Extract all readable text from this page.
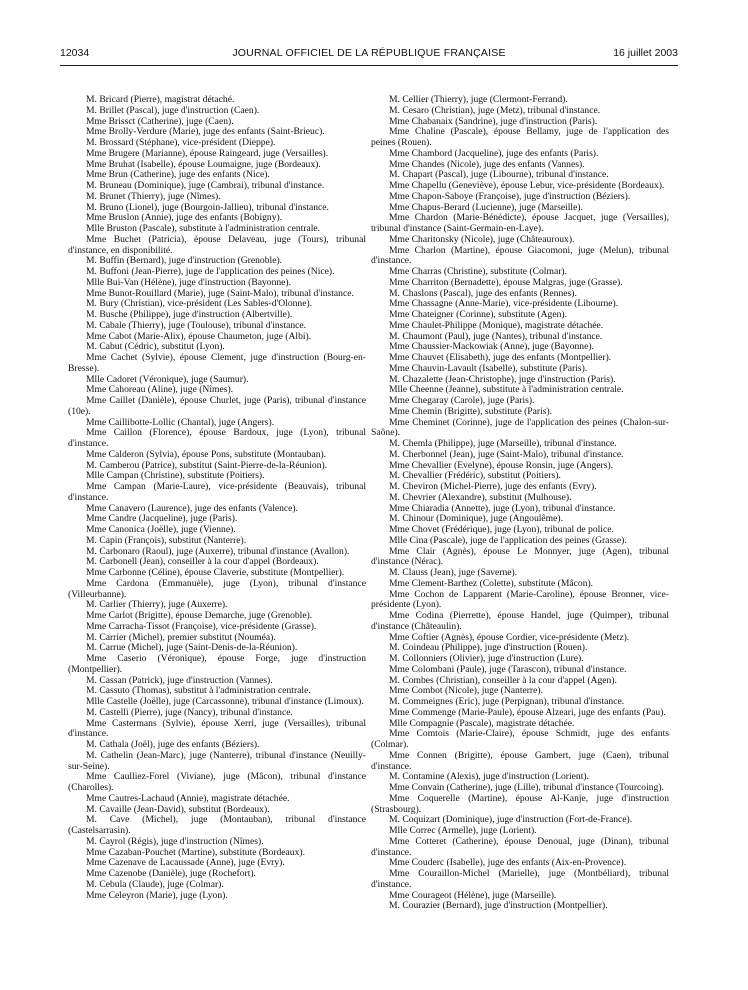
12034	JOURNAL OFFICIEL DE LA RÉPUBLIQUE FRANÇAISE	16 juillet 2003

M. Bricard (Pierre), magistrat détaché.

M. Brillet (Pascal), juge d'instruction (Caen).

Mme Brissct (Catherine), juge (Caen).

Mme Brolly-Verdure (Marie), juge des enfants (Saint-Brieuc).

M. Brossard (Stéphane), vice-président (Dieppe).

Mme Brugere (Marianne), épouse Raingeard, juge (Versailles).

Mme Bruhat (Isabelle), épouse Loumaigne, juge (Bordeaux).

Mme Brun (Catherine), juge des enfants (Nice).

M. Bruneau (Dominique), juge (Cambrai), tribunal d'instance.

M. Brunet (Thierry), juge (Nîmes).

M. Bruno (Lionel), juge (Bourgoin-Jallieu), tribunal d'instance.

Mme Bruslon (Annie), juge des enfants (Bobigny).

Mlle Bruston (Pascale), substitute à l'administration centrale.

Mme Buchet (Patricia), épouse Delaveau, juge (Tours), tribunal d'instance, en disponibilité.

M. Buffin (Bernard), juge d'instruction (Grenoble).

M. Buffoni (Jean-Pierre), juge de l'application des peines (Nice).

Mlle Bui-Van (Hélène), juge d'instruction (Bayonne).

Mme Bunot-Rouillard (Marie), juge (Saint-Malo), tribunal d'instance.

M. Bury (Christian), vice-président (Les Sables-d'Olonne).

M. Busche (Philippe), juge d'instruction (Albertville).

M. Cabale (Thierry), juge (Toulouse), tribunal d'instance.

Mme Cabot (Marie-Alix), épouse Chaumeton, juge (Albi).

M. Cabut (Cédric), substitut (Lyon).

Mme Cachet (Sylvie), épouse Clement, juge d'instruction (Bourg-en-Bresse).

Mlle Cadoret (Véronique), juge (Saumur).

Mme Cahoreau (Aline), juge (Nîmes).

Mme Caillet (Danièle), épouse Churlet, juge (Paris), tribunal d'instance (10e).

Mme Caillibotte-Lollic (Chantal), juge (Angers).

Mme Caillon (Florence), épouse Bardoux, juge (Lyon), tribunal d'instance.

Mme Calderon (Sylvia), épouse Pons, substitute (Montauban).

M. Camberou (Patrice), substitut (Saint-Pierre-de-la-Réunion).

Mlle Campan (Christine), substitute (Poitiers).

Mme Campan (Marie-Laure), vice-présidente (Beauvais), tribunal d'instance.

Mme Canavero (Laurence), juge des enfants (Valence).

Mme Candre (Jacqueline), juge (Paris).

Mme Canonica (Joëlle), juge (Vienne).

M. Capin (François), substitut (Nanterre).

M. Carbonaro (Raoul), juge (Auxerre), tribunal d'instance (Avallon).

M. Carbonell (Jean), conseiller à la cour d'appel (Bordeaux).

Mme Carbonne (Céline), épouse Claverie, substitute (Montpellier).

Mme Cardona (Emmanuèle), juge (Lyon), tribunal d'instance (Villeurbanne).

M. Carlier (Thierry), juge (Auxerre).

Mme Carlot (Brigitte), épouse Demarche, juge (Grenoble).

Mme Carracha-Tissot (Françoise), vice-présidente (Grasse).

M. Carrier (Michel), premier substitut (Nouméa).

M. Carrue (Michel), juge (Saint-Denis-de-la-Réunion).

Mme Caserio (Véronique), épouse Forge, juge d'instruction (Montpellier).

M. Cassan (Patrick), juge d'instruction (Vannes).

M. Cassuto (Thomas), substitut à l'administration centrale.

Mlle Castelle (Joëlle), juge (Carcassonne), tribunal d'instance (Limoux).

M. Castelli (Pierre), juge (Nancy), tribunal d'instance.

Mme Castermans (Sylvie), épouse Xerri, juge (Versailles), tribunal d'instance.

M. Cathala (Joël), juge des enfants (Béziers).

M. Cathelin (Jean-Marc), juge (Nanterre), tribunal d'instance (Neuilly-sur-Seine).

Mme Caulliez-Forel (Viviane), juge (Mâcon), tribunal d'instance (Charolles).

Mme Cautres-Lachaud (Annie), magistrate détachée.

M. Cavaille (Jean-David), substitut (Bordeaux).

M. Cave (Michel), juge (Montauban), tribunal d'instance (Castelsarrasin).

M. Cayrol (Régis), juge d'instruction (Nîmes).

Mme Cazaban-Pouchet (Martine), substitute (Bordeaux).

Mme Cazenave de Lacaussade (Anne), juge (Evry).

Mme Cazenobe (Danièle), juge (Rochefort).

M. Cebula (Claude), juge (Colmar).

Mme Celeyron (Marie), juge (Lyon).

M. Cellier (Thierry), juge (Clermont-Ferrand).

M. Cesaro (Christian), juge (Metz), tribunal d'instance.

Mme Chabanaix (Sandrine), juge d'instruction (Paris).

Mme Chaline (Pascale), épouse Bellamy, juge de l'application des peines (Rouen).

Mme Chambord (Jacqueline), juge des enfants (Paris).

Mme Chandes (Nicole), juge des enfants (Vannes).

M. Chapart (Pascal), juge (Libourne), tribunal d'instance.

Mme Chapellu (Geneviève), épouse Lebur, vice-présidente (Bordeaux).

Mme Chapon-Saboye (Françoise), juge d'instruction (Béziers).

Mme Chapus-Berard (Lucienne), juge (Marseille).

Mme Chardon (Marie-Bénédicte), épouse Jacquet, juge (Versailles), tribunal d'instance (Saint-Germain-en-Laye).

Mme Charitonsky (Nicole), juge (Châteauroux).

Mme Charlon (Martine), épouse Giacomoni, juge (Melun), tribunal d'instance.

Mme Charras (Christine), substitute (Colmar).

Mme Charriton (Bernadette), épouse Malgras, juge (Grasse).

M. Chaslons (Pascal), juge des enfants (Rennes).

Mme Chassagne (Anne-Marie), vice-présidente (Libourne).

Mme Chateigner (Corinne), substitute (Agen).

Mme Chaulet-Philippe (Monique), magistrate détachée.

M. Chaumont (Paul), juge (Nantes), tribunal d'instance.

Mme Chaussier-Mackowiak (Anne), juge (Bayonne).

Mme Chauvet (Elisabeth), juge des enfants (Montpellier).

Mme Chauvin-Lavault (Isabelle), substitute (Paris).

M. Chazalette (Jean-Christophe), juge d'instruction (Paris).

Mlle Cheenne (Jeanne), substitute à l'administration centrale.

Mme Chegaray (Carole), juge (Paris).

Mme Chemin (Brigitte), substitute (Paris).

Mme Cheminet (Corinne), juge de l'application des peines (Chalon-sur-Saône).

M. Chemla (Philippe), juge (Marseille), tribunal d'instance.

M. Cherbonnel (Jean), juge (Saint-Malo), tribunal d'instance.

Mme Chevallier (Evelyne), épouse Ronsin, juge (Angers).

M. Chevallier (Frédéric), substitut (Poitiers).

M. Cheviron (Michel-Pierre), juge des enfants (Evry).

M. Chevrier (Alexandre), substitut (Mulhouse).

Mme Chiaradia (Annette), juge (Lyon), tribunal d'instance.

M. Chinour (Dominique), juge (Angoulême).

Mme Chovet (Frédérique), juge (Lyon), tribunal de police.

Mlle Cina (Pascale), juge de l'application des peines (Grasse).

Mme Clair (Agnès), épouse Le Monnyer, juge (Agen), tribunal d'instance (Nérac).

M. Clauss (Jean), juge (Saverne).

Mme Clement-Barthez (Colette), substitute (Mâcon).

Mme Cochon de Lapparent (Marie-Caroline), épouse Bronner, vice-présidente (Lyon).

Mme Codina (Pierrette), épouse Handel, juge (Quimper), tribunal d'instance (Châteaulin).

Mme Coftier (Agnès), épouse Cordier, vice-présidente (Metz).

M. Coindeau (Philippe), juge d'instruction (Rouen).

M. Collonniers (Olivier), juge d'instruction (Lure).

Mme Colombani (Paule), juge (Tarascon), tribunal d'instance.

M. Combes (Christian), conseiller à la cour d'appel (Agen).

Mme Combot (Nicole), juge (Nanterre).

M. Commeignes (Eric), juge (Perpignan), tribunal d'instance.

Mme Commenge (Marie-Paule), épouse Alzeari, juge des enfants (Pau).

Mlle Compagnie (Pascale), magistrate détachée.

Mme Comtois (Marie-Claire), épouse Schmidt, juge des enfants (Colmar).

Mme Connen (Brigitte), épouse Gambert, juge (Caen), tribunal d'instance.

M. Contamine (Alexis), juge d'instruction (Lorient).

Mme Convain (Catherine), juge (Lille), tribunal d'instance (Tourcoing).

Mme Coquerelle (Martine), épouse Al-Kanje, juge d'instruction (Strasbourg).

M. Coquizart (Dominique), juge d'instruction (Fort-de-France).

Mlle Correc (Armelle), juge (Lorient).

Mme Cotteret (Catherine), épouse Denoual, juge (Dinan), tribunal d'instance.

Mme Couderc (Isabelle), juge des enfants (Aix-en-Provence).

Mme Couraillon-Michel (Marielle), juge (Montbéliard), tribunal d'instance.

Mme Courageot (Hélène), juge (Marseille).

M. Courazier (Bernard), juge d'instruction (Montpellier).
